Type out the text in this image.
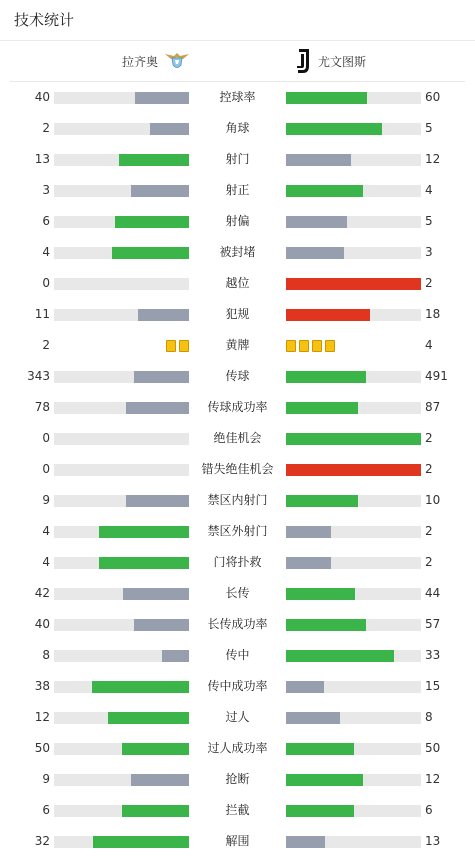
技术统计
拉齐奥	尤文图斯
40	控球率	60
2	角球	5
13	射门	12
3	射正	4
6	射偏	5
4	被封堵	3
0	越位	2
11	犯规	18
2	黄牌	4
343	传球	491
78	传球成功率	87
0	绝佳机会	2
0	错失绝佳机会	2
9	禁区内射门	10
4	禁区外射门	2
4	门将扑救	2
42	长传	44
40	长传成功率	57
8	传中	33
38	传中成功率	15
12	过人	8
50	过人成功率	50
9	抢断	12
6	拦截	6
32	解围	13
